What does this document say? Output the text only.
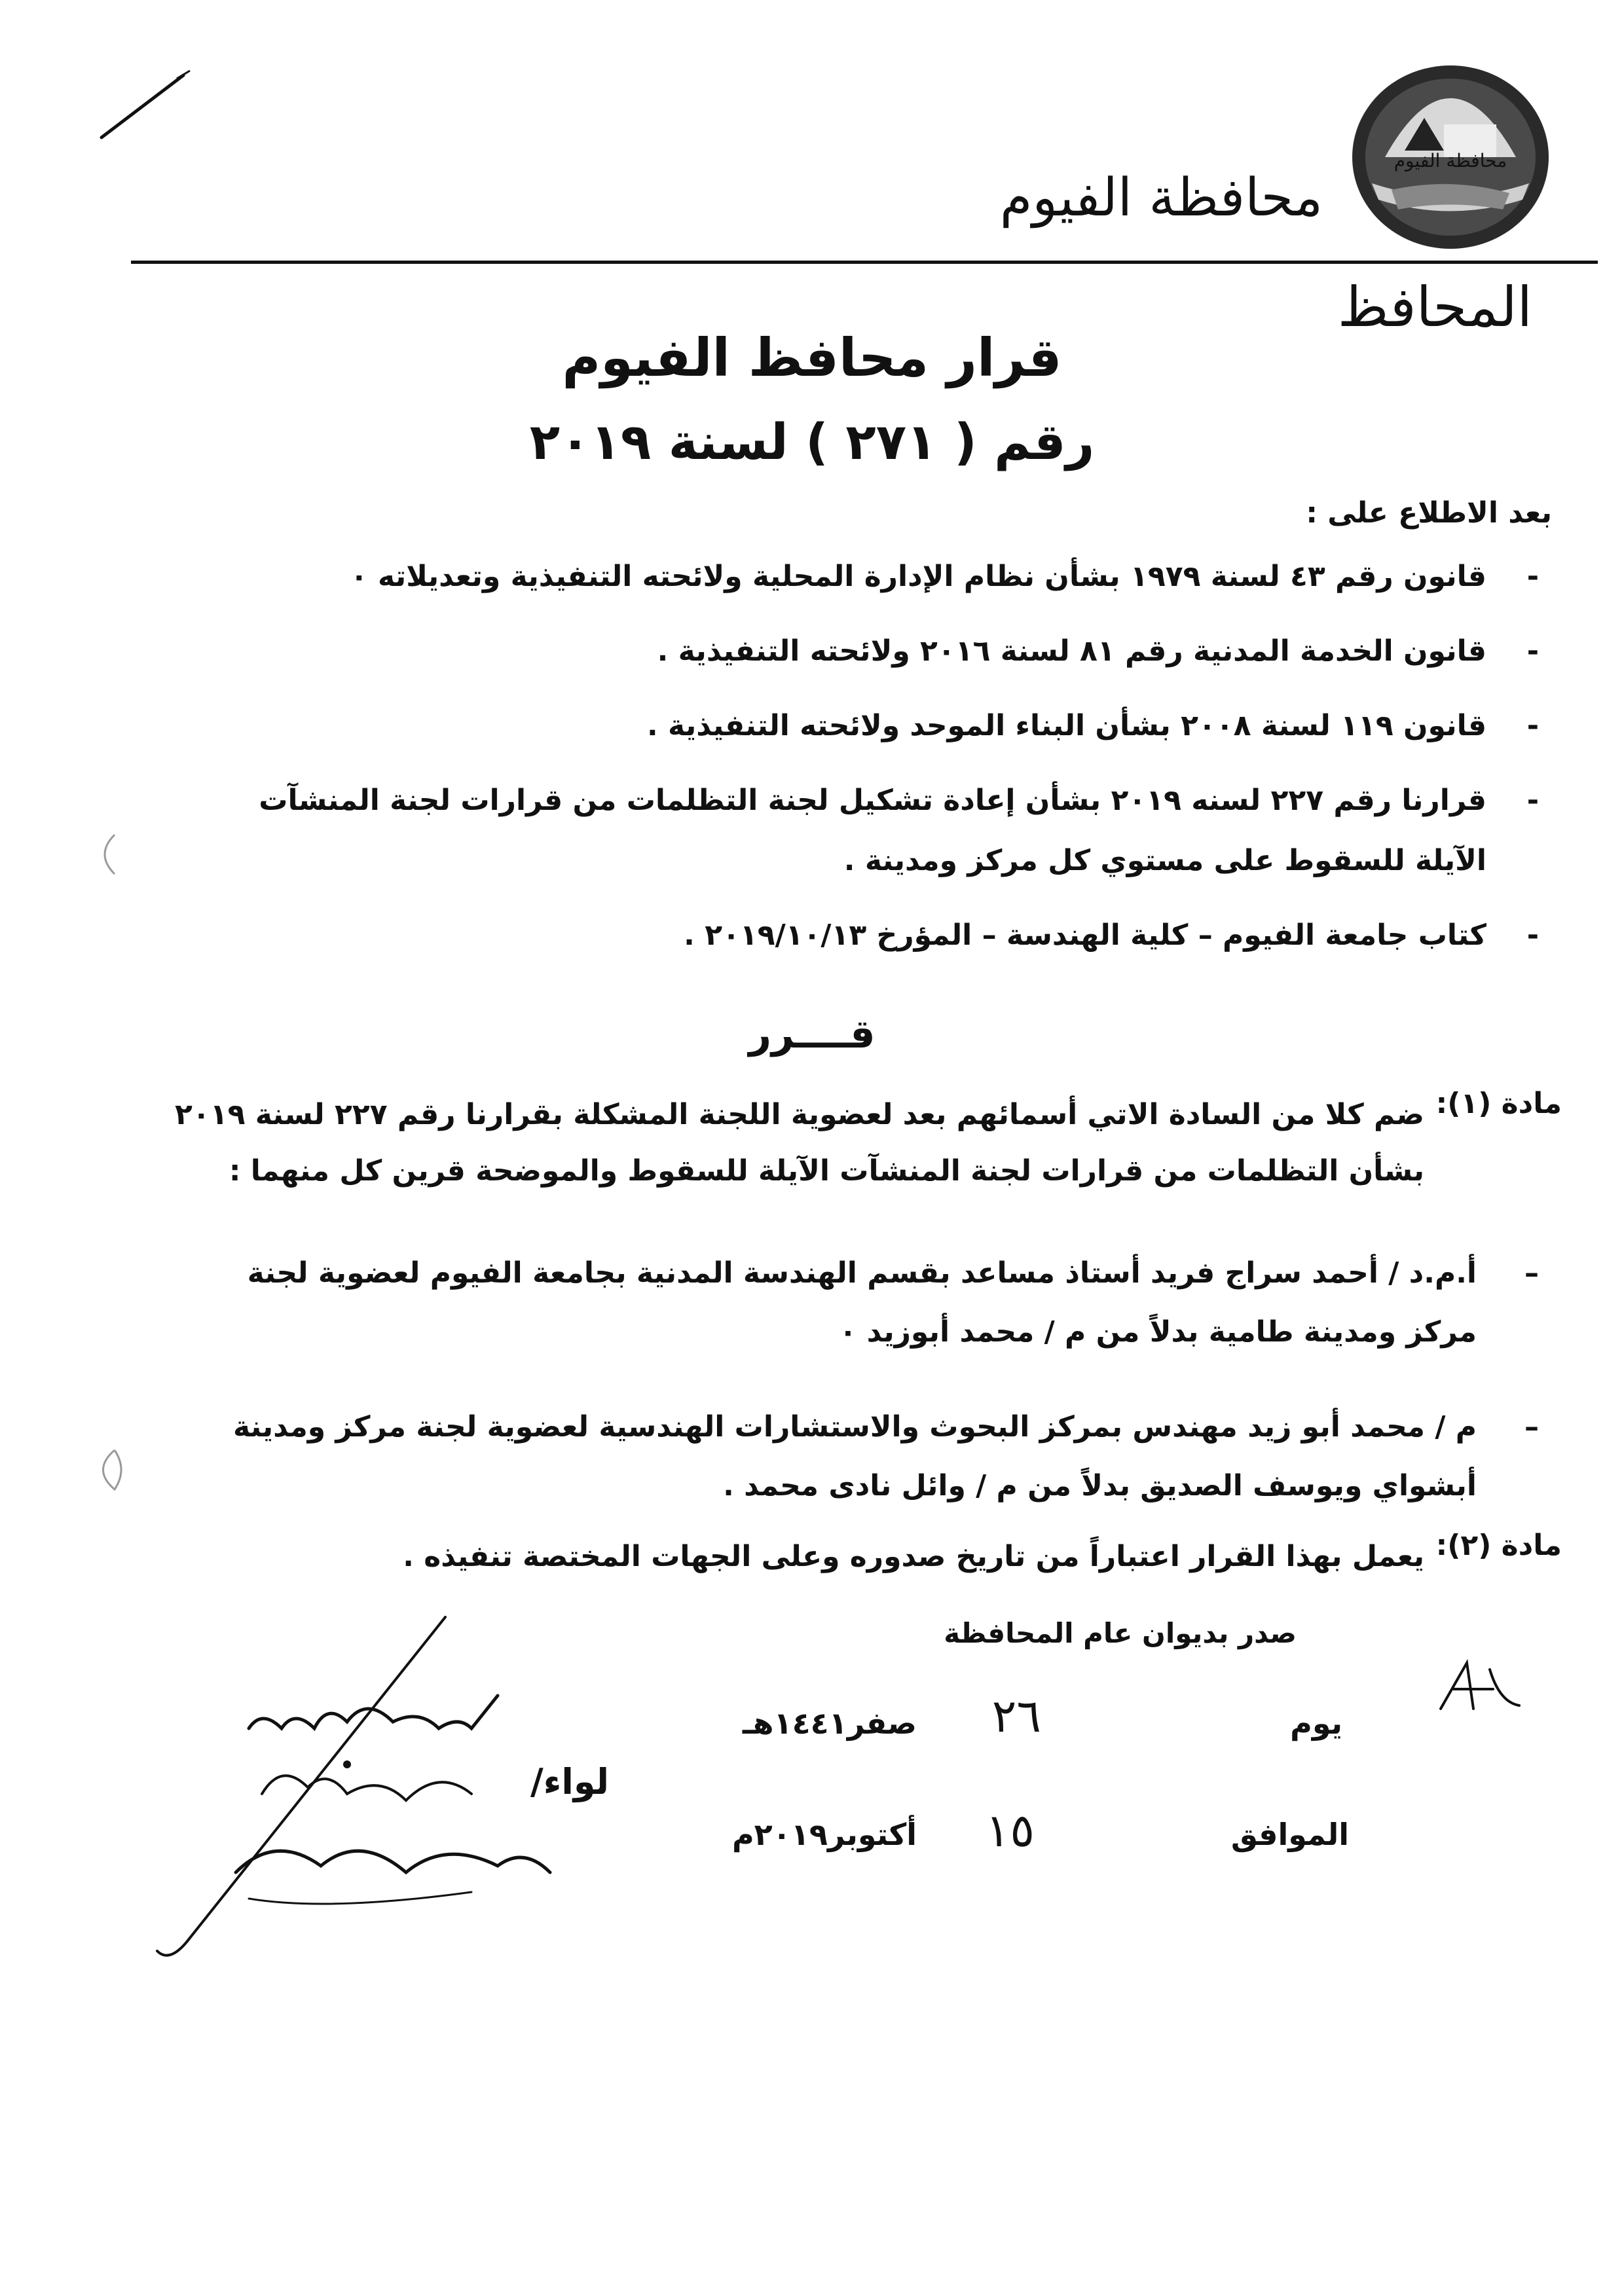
محافظة الفيوم
محافظة الفيوم
المحافظ
قرار محافظ الفيوم
رقم ( ٢٧١ ) لسنة ٢٠١٩
بعد الاطلاع على :
- قانون رقم ٤٣ لسنة ١٩٧٩ بشأن نظام الإدارة المحلية ولائحته التنفيذية وتعديلاته ٠
- قانون الخدمة المدنية رقم ٨١ لسنة ٢٠١٦ ولائحته التنفيذية .
- قانون ١١٩ لسنة ٢٠٠٨ بشأن البناء الموحد ولائحته التنفيذية .
- قرارنا رقم ٢٢٧ لسنه ٢٠١٩ بشأن إعادة تشكيل لجنة التظلمات من قرارات لجنة المنشآت الآيلة للسقوط على مستوي كل مركز ومدينة .
- كتاب جامعة الفيوم – كلية الهندسة – المؤرخ ٢٠١٩/١٠/١٣ .
قــــرر
مادة (١):
ضم كلا من السادة الاتي أسمائهم بعد لعضوية اللجنة المشكلة بقرارنا رقم ٢٢٧ لسنة ٢٠١٩ بشأن التظلمات من قرارات لجنة المنشآت الآيلة للسقوط والموضحة قرين كل منهما :
– أ.م.د / أحمد سراج فريد أستاذ مساعد بقسم الهندسة المدنية بجامعة الفيوم لعضوية لجنة مركز ومدينة طامية بدلاً من م / محمد أبوزيد ٠
– م / محمد أبو زيد مهندس بمركز البحوث والاستشارات الهندسية لعضوية لجنة مركز ومدينة أبشواي ويوسف الصديق بدلاً من م / وائل نادى محمد .
مادة (٢):
يعمل بهذا القرار اعتباراً من تاريخ صدوره وعلى الجهات المختصة تنفيذه .
صدر بديوان عام المحافظة
يوم
٢٦
صفر١٤٤١هـ
الموافق
١٥
أكتوبر٢٠١٩م
لواء/
